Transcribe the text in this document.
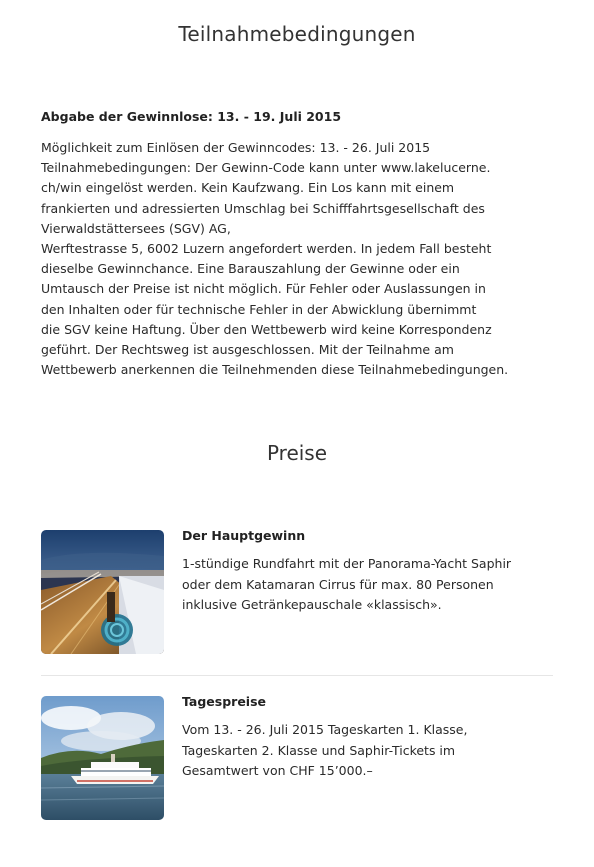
Teilnahmebedingungen
Abgabe der Gewinnlose: 13. - 19. Juli 2015
Möglichkeit zum Einlösen der Gewinncodes: 13. - 26. Juli 2015
Teilnahmebedingungen: Der Gewinn-Code kann unter www.lakelucerne.
ch/win eingelöst werden. Kein Kaufzwang. Ein Los kann mit einem
frankierten und adressierten Umschlag bei Schifffahrtsgesellschaft des
Vierwaldstättersees (SGV) AG,
Werftestrasse 5, 6002 Luzern angefordert werden. In jedem Fall besteht
dieselbe Gewinnchance. Eine Barauszahlung der Gewinne oder ein
Umtausch der Preise ist nicht möglich. Für Fehler oder Auslassungen in
den Inhalten oder für technische Fehler in der Abwicklung übernimmt
die SGV keine Haftung. Über den Wettbewerb wird keine Korrespondenz
geführt. Der Rechtsweg ist ausgeschlossen. Mit der Teilnahme am
Wettbewerb anerkennen die Teilnehmenden diese Teilnahmebedingungen.
Preise
Der Hauptgewinn
1-stündige Rundfahrt mit der Panorama-Yacht Saphir
oder dem Katamaran Cirrus für max. 80 Personen
inklusive Getränkepauschale «klassisch».
Tagespreise
Vom 13. - 26. Juli 2015 Tageskarten 1. Klasse,
Tageskarten 2. Klasse und Saphir-Tickets im
Gesamtwert von CHF 15’000.–
